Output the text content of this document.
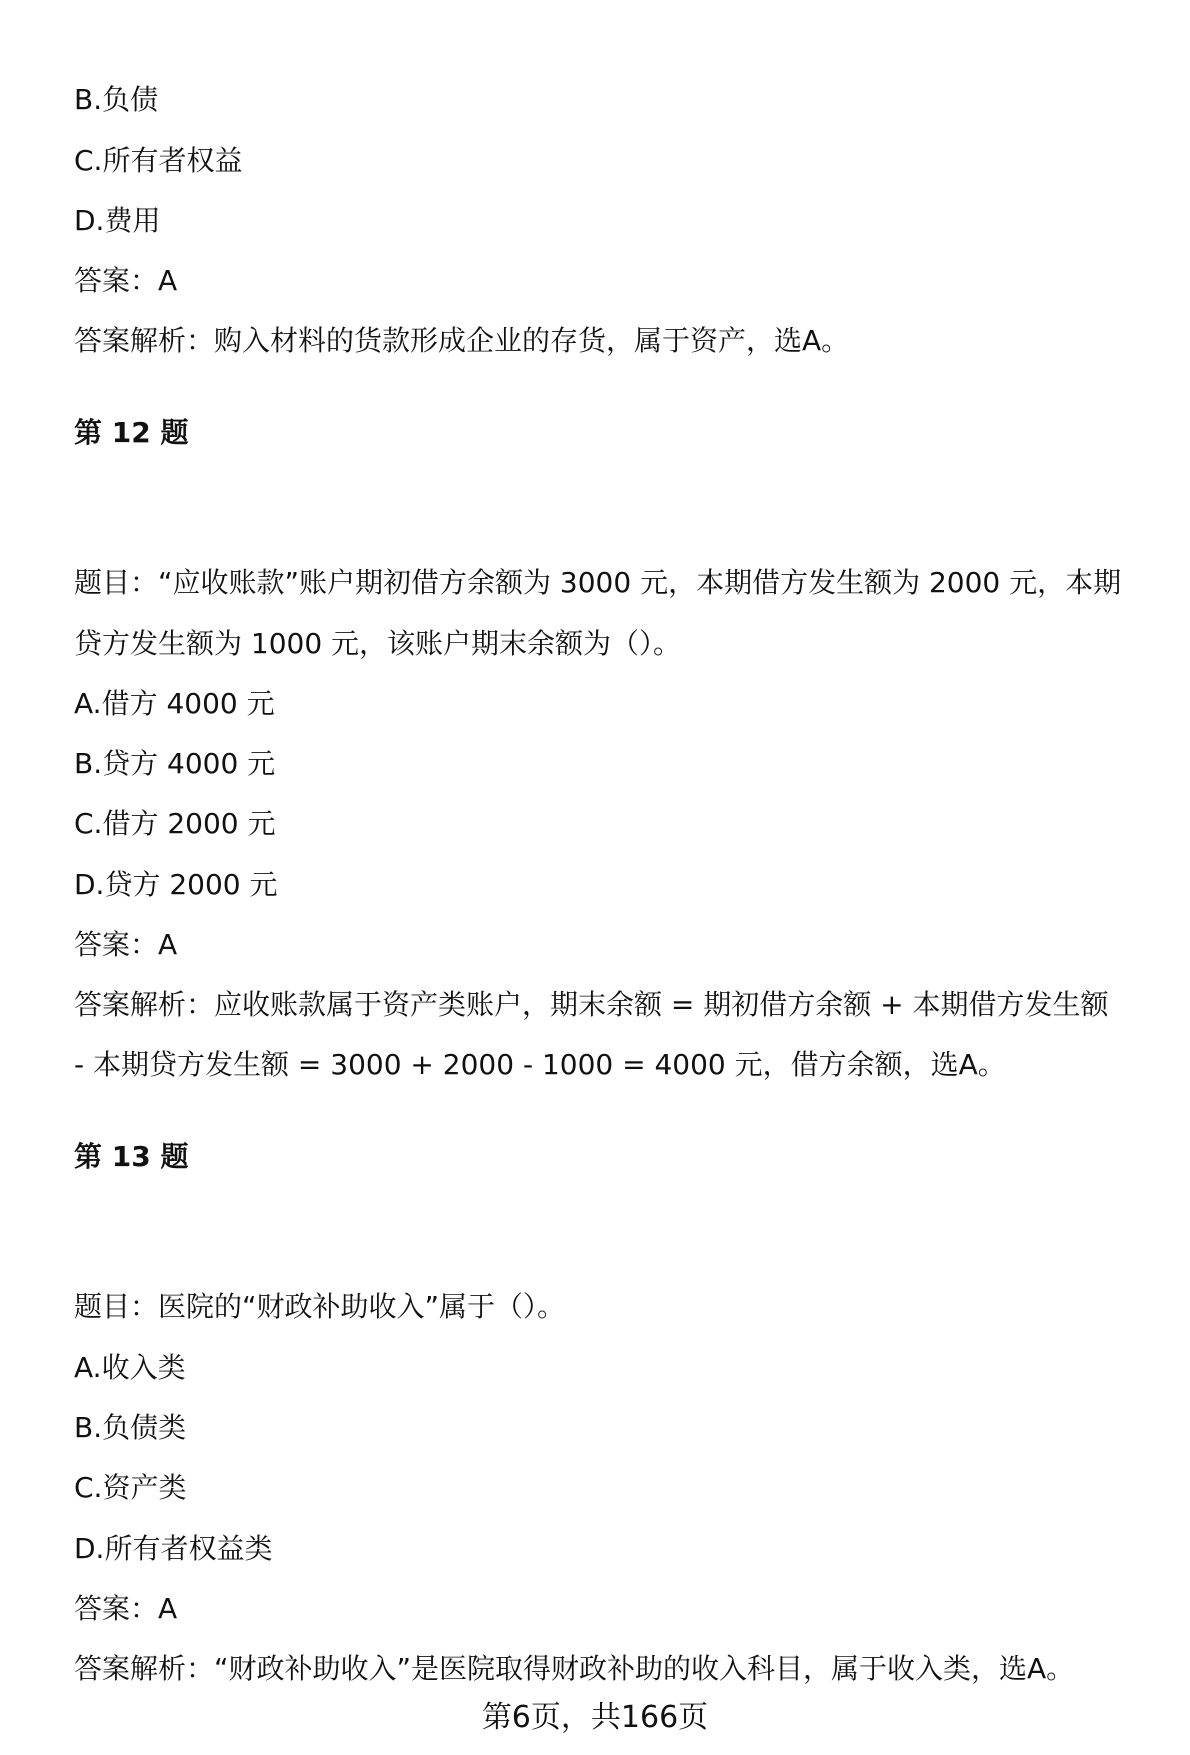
B.负债
C.所有者权益
D.费用
答案：A
答案解析：购入材料的货款形成企业的存货，属于资产，选A。
第 12 题
题目：“应收账款”账户期初借方余额为 3000 元，本期借方发生额为 2000 元，本期
贷方发生额为 1000 元，该账户期末余额为（）。
A.借方 4000 元
B.贷方 4000 元
C.借方 2000 元
D.贷方 2000 元
答案：A
答案解析：应收账款属于资产类账户，期末余额 = 期初借方余额 + 本期借方发生额
- 本期贷方发生额 = 3000 + 2000 - 1000 = 4000 元，借方余额，选A。
第 13 题
题目：医院的“财政补助收入”属于（）。
A.收入类
B.负债类
C.资产类
D.所有者权益类
答案：A
答案解析：“财政补助收入”是医院取得财政补助的收入科目，属于收入类，选A。
第6页，共166页
